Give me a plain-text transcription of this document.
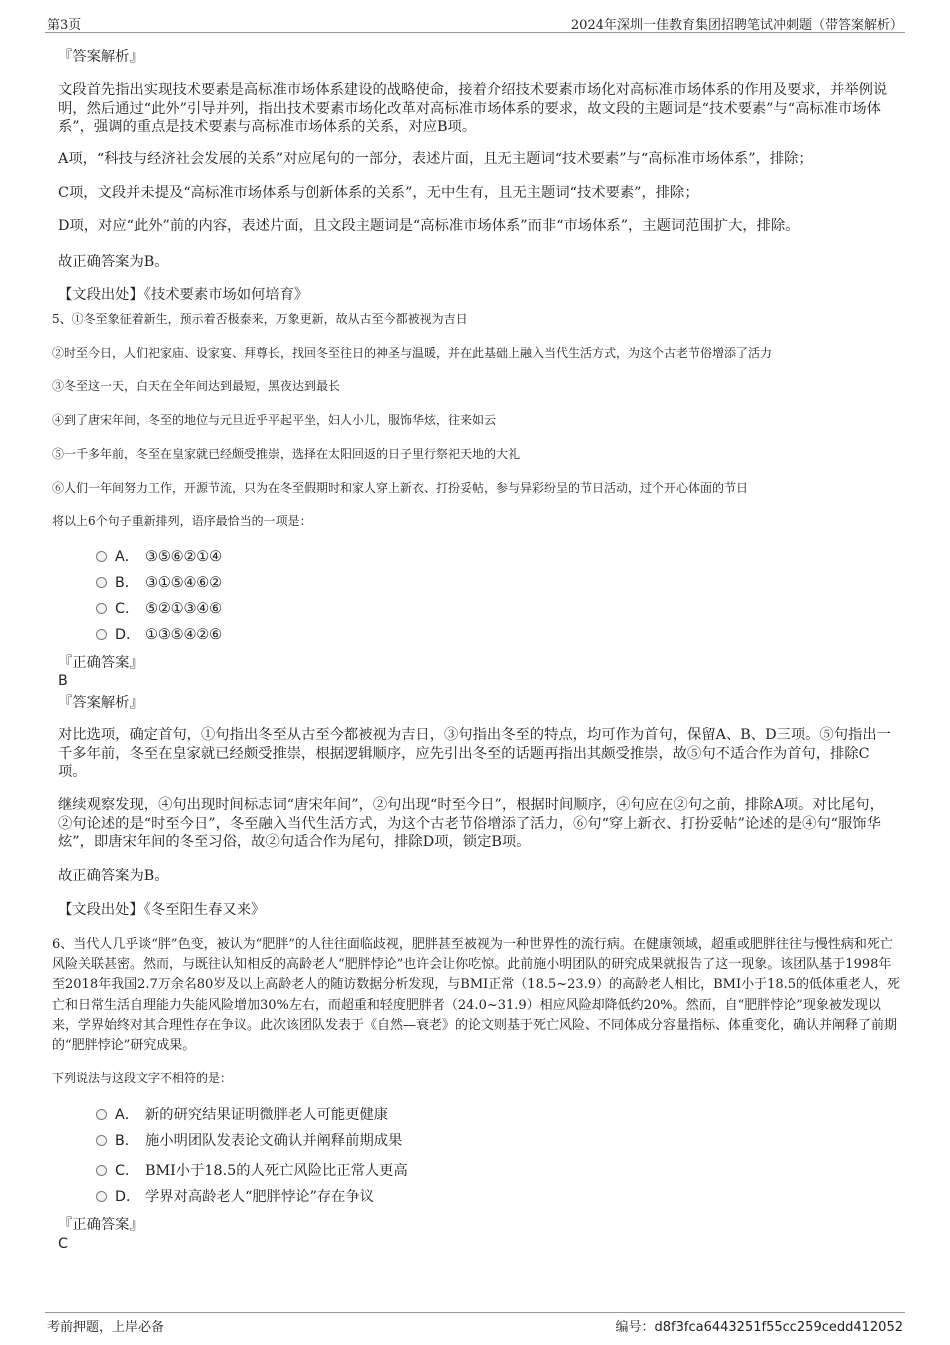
第3页	2024年深圳一佳教育集团招聘笔试冲刺题（带答案解析）
『答案解析』

文段首先指出实现技术要素是高标准市场体系建设的战略使命，接着介绍技术要素市场化对高标准市场体系的作用及要求，并举例说明，然后通过“此外”引导并列，指出技术要素市场化改革对高标准市场体系的要求，故文段的主题词是“技术要素”与“高标准市场体系”，强调的重点是技术要素与高标准市场体系的关系，对应B项。

A项，“科技与经济社会发展的关系”对应尾句的一部分，表述片面，且无主题词“技术要素”与“高标准市场体系”，排除；

C项，文段并未提及“高标准市场体系与创新体系的关系”，无中生有，且无主题词“技术要素”，排除；

D项，对应“此外”前的内容，表述片面，且文段主题词是“高标准市场体系”而非“市场体系”，主题词范围扩大，排除。

故正确答案为B。

【文段出处】《技术要素市场如何培育》

5、①冬至象征着新生，预示着否极泰来，万象更新，故从古至今都被视为吉日

②时至今日，人们祀家庙、设家宴、拜尊长，找回冬至往日的神圣与温暖，并在此基础上融入当代生活方式，为这个古老节俗增添了活力

③冬至这一天，白天在全年间达到最短，黑夜达到最长

④到了唐宋年间，冬至的地位与元旦近乎平起平坐，妇人小儿，服饰华炫，往来如云

⑤一千多年前，冬至在皇家就已经颇受推崇，选择在太阳回返的日子里行祭祀天地的大礼

⑥人们一年间努力工作，开源节流，只为在冬至假期时和家人穿上新衣、打扮妥帖，参与异彩纷呈的节日活动，过个开心体面的节日

将以上6个句子重新排列，语序最恰当的一项是：

A． ③⑤⑥②①④
B． ③①⑤④⑥②
C． ⑤②①③④⑥
D． ①③⑤④②⑥
『正确答案』
B
『答案解析』

对比选项，确定首句，①句指出冬至从古至今都被视为吉日，③句指出冬至的特点，均可作为首句，保留A、B、D三项。⑤句指出一千多年前，冬至在皇家就已经颇受推崇，根据逻辑顺序，应先引出冬至的话题再指出其颇受推崇，故⑤句不适合作为首句，排除C项。

继续观察发现，④句出现时间标志词“唐宋年间”，②句出现“时至今日”，根据时间顺序，④句应在②句之前，排除A项。对比尾句，②句论述的是“时至今日”，冬至融入当代生活方式，为这个古老节俗增添了活力，⑥句“穿上新衣、打扮妥帖”论述的是④句“服饰华炫”，即唐宋年间的冬至习俗，故②句适合作为尾句，排除D项，锁定B项。

故正确答案为B。

【文段出处】《冬至阳生春又来》

6、当代人几乎谈“胖”色变，被认为“肥胖”的人往往面临歧视，肥胖甚至被视为一种世界性的流行病。在健康领域，超重或肥胖往往与慢性病和死亡风险关联甚密。然而，与既往认知相反的高龄老人“肥胖悖论”也许会让你吃惊。此前施小明团队的研究成果就报告了这一现象。该团队基于1998年至2018年我国2.7万余名80岁及以上高龄老人的随访数据分析发现，与BMI正常（18.5~23.9）的高龄老人相比，BMI小于18.5的低体重老人，死亡和日常生活自理能力失能风险增加30%左右，而超重和轻度肥胖者（24.0~31.9）相应风险却降低约20%。然而，自“肥胖悖论”现象被发现以来，学界始终对其合理性存在争议。此次该团队发表于《自然—衰老》的论文则基于死亡风险、不同体成分容量指标、体重变化，确认并阐释了前期的“肥胖悖论”研究成果。

下列说法与这段文字不相符的是：

A． 新的研究结果证明微胖老人可能更健康
B． 施小明团队发表论文确认并阐释前期成果
C． BMI小于18.5的人死亡风险比正常人更高
D． 学界对高龄老人“肥胖悖论”存在争议
『正确答案』
C
考前押题，上岸必备	编号：d8f3fca6443251f55cc259cedd412052
